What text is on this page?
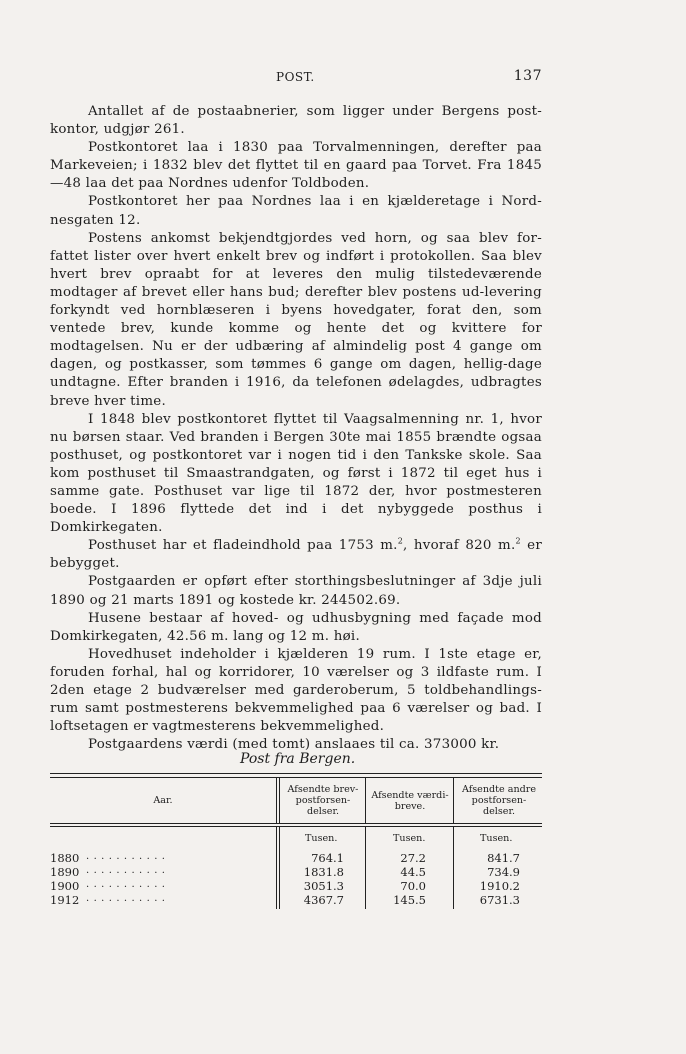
POST.	137

Antallet af de postaabnerier, som ligger under Bergens post-kontor, udgjør 261.

Postkontoret laa i 1830 paa Torvalmenningen, derefter paa Markeveien; i 1832 blev det flyttet til en gaard paa Torvet. Fra 1845—48 laa det paa Nordnes udenfor Toldboden.

Postkontoret her paa Nordnes laa i en kjælderetage i Nord-nesgaten 12.

Postens ankomst bekjendtgjordes ved horn, og saa blev for-fattet lister over hvert enkelt brev og indført i protokollen. Saa blev hvert brev opraabt for at leveres den mulig tilstedeværende modtager af brevet eller hans bud; derefter blev postens ud-levering forkyndt ved hornblæseren i byens hovedgater, forat den, som ventede brev, kunde komme og hente det og kvittere for modtagelsen. Nu er der udbæring af almindelig post 4 gange om dagen, og postkasser, som tømmes 6 gange om dagen, hellig-dage undtagne. Efter branden i 1916, da telefonen ødelagdes, udbragtes breve hver time.

I 1848 blev postkontoret flyttet til Vaagsalmenning nr. 1, hvor nu børsen staar. Ved branden i Bergen 30te mai 1855 brændte ogsaa posthuset, og postkontoret var i nogen tid i den Tankske skole. Saa kom posthuset til Smaastrandgaten, og først i 1872 til eget hus i samme gate. Posthuset var lige til 1872 der, hvor postmesteren boede. I 1896 flyttede det ind i det nybyggede posthus i Domkirkegaten.

Posthuset har et fladeindhold paa 1753 m.$^2$, hvoraf 820 m.$^2$ er bebygget.

Postgaarden er opført efter storthingsbeslutninger af 3dje juli 1890 og 21 marts 1891 og kostede kr. 244502.69.

Husene bestaar af hoved- og udhusbygning med façade mod Domkirkegaten, 42.56 m. lang og 12 m. høi.

Hovedhuset indeholder i kjælderen 19 rum. I 1ste etage er, foruden forhal, hal og korridorer, 10 værelser og 3 ildfaste rum. I 2den etage 2 budværelser med garderoberum, 5 toldbehandlings-rum samt postmesterens bekvemmelighed paa 6 værelser og bad. I loftsetagen er vagtmesterens bekvemmelighed.

Postgaardens værdi (med tomt) anslaaes til ca. 373000 kr.

Post fra Bergen.
Aar.
Afsendte brev-postforsen-delser.
Afsendte værdi-breve.
Afsendte andre postforsen-delser.
Tusen.	Tusen.	Tusen.
1880 ...........	764.1	27.2	841.7
1890 ...........	1831.8	44.5	734.9
1900 ...........	3051.3	70.0	1910.2
1912 ...........	4367.7	145.5	6731.3
